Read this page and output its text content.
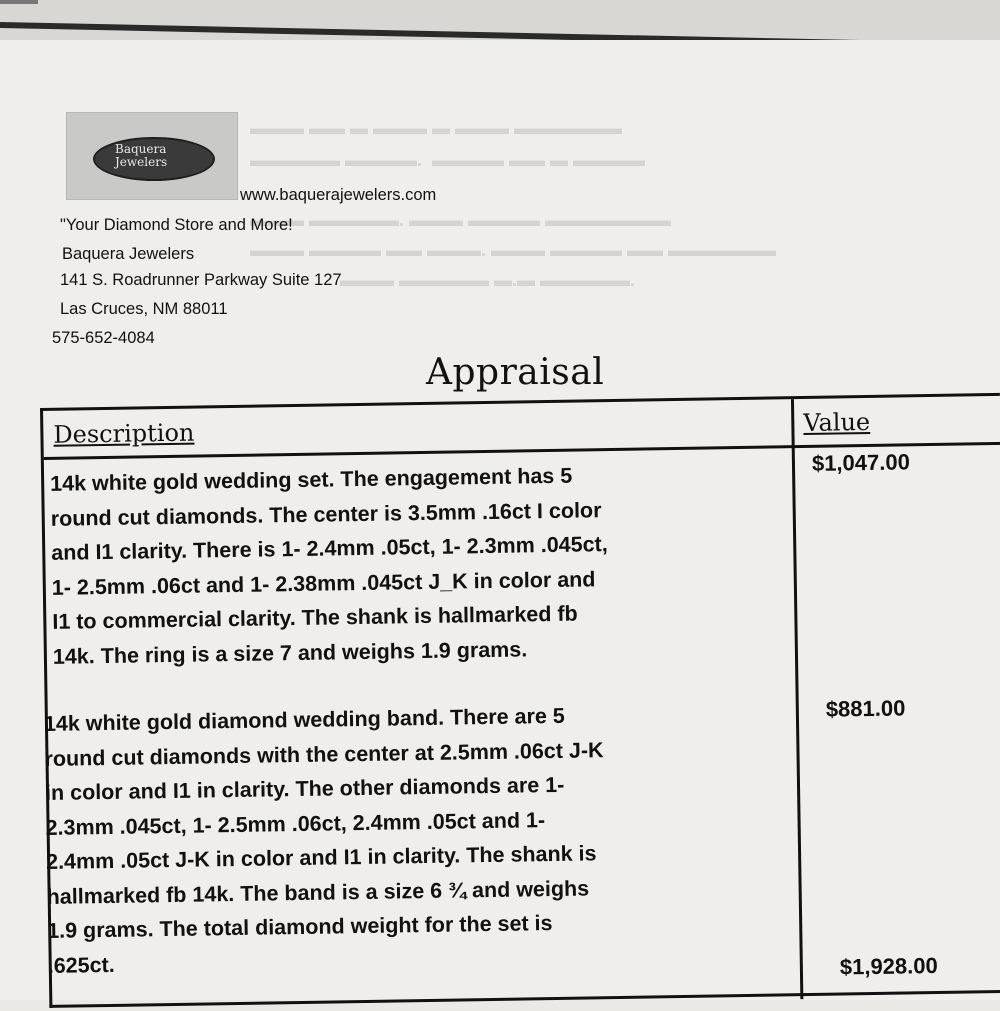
▬▬▬ ▬▬ ▬ ▬▬▬ ▬ ▬▬▬ ▬▬▬▬▬▬
▬▬▬▬▬ ▬▬▬▬.  ▬▬▬▬ ▬▬ ▬ ▬▬▬▬
▬▬▬ ▬▬▬▬▬. ▬▬▬ ▬▬▬▬ ▬▬▬▬▬▬▬
▬▬▬ ▬▬▬▬ ▬▬ ▬▬▬. ▬▬▬ ▬▬▬▬ ▬▬ ▬▬▬▬▬▬
▬▬▬ ▬▬▬▬▬ ▬.▬ ▬▬▬▬▬.
Baquera
Jewelers
www.baquerajewelers.com
"Your Diamond Store and More!
Baquera Jewelers
141 S. Roadrunner Parkway Suite 127
Las Cruces, NM 88011
575-652-4084
Appraisal
Description	Value
14k white gold wedding set. The engagement has 5
round cut diamonds. The center is 3.5mm .16ct I color
and I1 clarity. There is 1- 2.4mm .05ct, 1- 2.3mm .045ct,
1- 2.5mm .06ct and 1- 2.38mm .045ct J_K in color and
I1 to commercial clarity. The shank is hallmarked fb
14k. The ring is a size 7 and weighs 1.9 grams.
$1,047.00
14k white gold diamond wedding band. There are 5
round cut diamonds with the center at 2.5mm .06ct J-K
in color and I1 in clarity. The other diamonds are 1-
2.3mm .045ct, 1- 2.5mm .06ct, 2.4mm .05ct and 1-
2.4mm .05ct J-K in color and I1 in clarity. The shank is
hallmarked fb 14k. The band is a size 6 ¾ and weighs
1.9 grams. The total diamond weight for the set is
.625ct.
$881.00
$1,928.00
